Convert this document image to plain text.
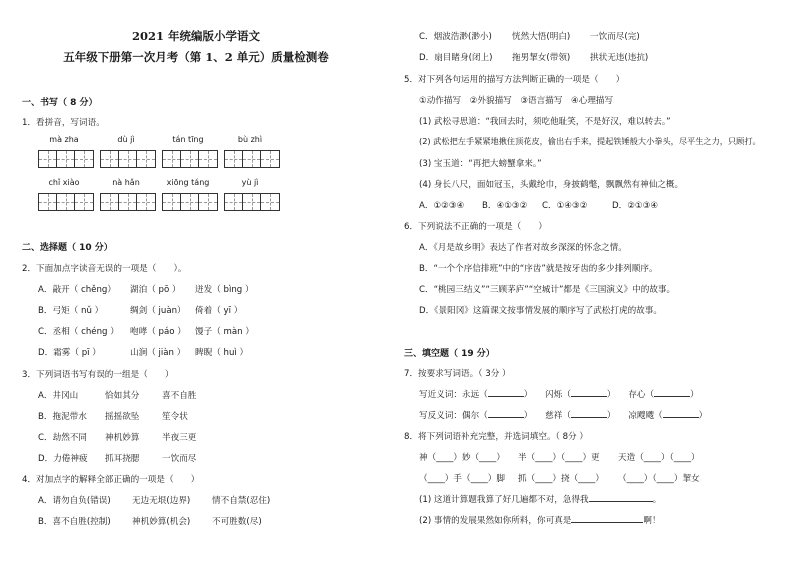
2021 年统编版小学语文
五年级下册第一次月考（第 1、2 单元）质量检测卷
一、书写（ 8 分）
1．看拼音，写词语。
mà zha	dù jì	tán tīng	bù zhì
chǐ xiào	nà hǎn	xiōng táng	yù jì
二、选择题（ 10 分）
2．下面加点字读音无误的一项是（　　）。
A．敲开（ chěng） 湖泊（ pō ） 迸发（ bìng ）
B．弓矩（ nǔ ）	绸剑（ juàn） 倚着（ yī ）
C．丞相（ chéng ） 咆哮（ páo ） 馒子（ màn ）
D．霜雾（ pī ）	山涧（ jiàn ） 睥睨（ huì ）
3．下列词语书写有误的一组是（　　）
A．井冈山	恰如其分	喜不自胜
B．拖泥带水 摇摇欲坠	笙令状
C．劫然不同 神机妙算	半夜三更
D．力倦神疲 抓耳挠腮	一饮而尽
4．对加点字的解释全部正确的一项是（　　）
A．请勿自负(错误) 无边无垠(边界)	情不自禁(忍住)
B．喜不自胜(控制) 神机妙算(机会)	不可胜数(尽)
C．烟波浩渺(渺小) 恍然大悟(明白) 一饮而尽(完)
D．扇目睹身(闭上) 拖男挈女(带领) 拱状无违(违抗)
5．对下列各句运用的描写方法判断正确的一项是（　　）
①动作描写　②外貌描写　③语言描写　④心理描写
(1) 武松寻思道：“我回去时，须吃他耻笑，不是好汉，难以转去。”
(2) 武松把左手紧紧地揪住顶花皮，偷出右手来，提起铁锤般大小拳头，尽平生之力，只顾打。
(3) 宝玉道：“再把大螃蟹拿来。”
(4) 身长八尺，面如冠玉，头戴纶巾，身披鹤氅，飘飘然有神仙之概。
A．①②③④ B．④①③② C．①④③②	D．②①③④
6．下列说法不正确的一项是（　　）
A．《月是故乡明》表达了作者对故乡深深的怀念之情。
B．“一个个序信排班”中的“序齿”就是按牙齿的多少排列顺序。
C．“桃园三结义”“三顾茅庐”“空城计”都是《三国演义》中的故事。
D．《景阳冈》这篇课文按事情发展的顺序写了武松打虎的故事。
三、填空题（ 19 分）
7．按要求写词语。（ 3分 ）
写近义词：永远（	） 闪烁（	） 存心（	）
写反义词：偶尔（	） 慈祥（	） 凉飕飕（	）
8．将下列词语补充完整，并选词填空。（ 8分 ）
神（____）妙（____） 半（____）（____）更 天造（____）（____）
（____）手（____）脚 抓（____）挠（____） （____）（____）挈女
(1) 这道计算题我算了好几遍都不对，急得我	。
(2) 事情的发展果然如你所料，你可真是	啊！
